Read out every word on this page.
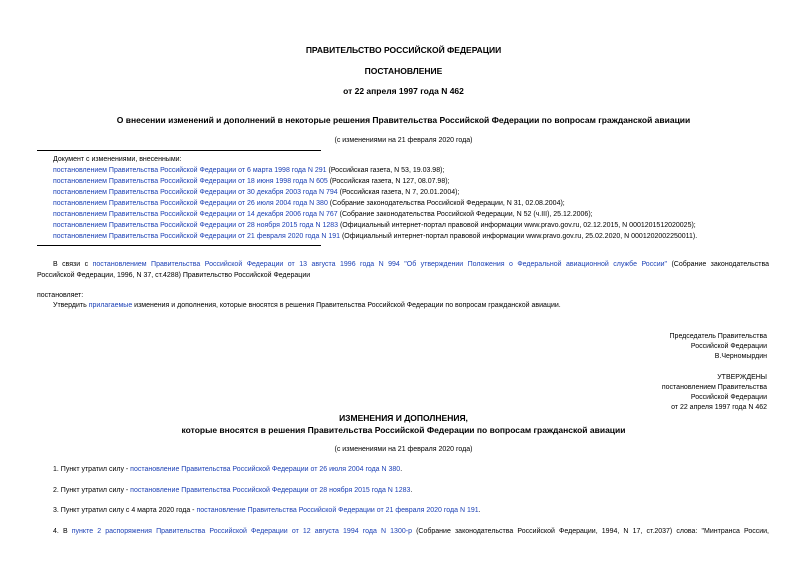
ПРАВИТЕЛЬСТВО РОССИЙСКОЙ ФЕДЕРАЦИИ
ПОСТАНОВЛЕНИЕ
от 22 апреля 1997 года N 462
О внесении изменений и дополнений в некоторые решения Правительства Российской Федерации по вопросам гражданской авиации
(с изменениями на 21 февраля 2020 года)
Документ с изменениями, внесенными:
постановлением Правительства Российской Федерации от 6 марта 1998 года N 291 (Российская газета, N 53, 19.03.98);
постановлением Правительства Российской Федерации от 18 июня 1998 года N 605 (Российская газета, N 127, 08.07.98);
постановлением Правительства Российской Федерации от 30 декабря 2003 года N 794 (Российская газета, N 7, 20.01.2004);
постановлением Правительства Российской Федерации от 26 июля 2004 года N 380 (Собрание законодательства Российской Федерации, N 31, 02.08.2004);
постановлением Правительства Российской Федерации от 14 декабря 2006 года N 767 (Собрание законодательства Российской Федерации, N 52 (ч.III), 25.12.2006);
постановлением Правительства Российской Федерации от 28 ноября 2015 года N 1283 (Официальный интернет-портал правовой информации www.pravo.gov.ru, 02.12.2015, N 0001201512020025);
постановлением Правительства Российской Федерации от 21 февраля 2020 года N 191 (Официальный интернет-портал правовой информации www.pravo.gov.ru, 25.02.2020, N 0001202002250011).
В связи с постановлением Правительства Российской Федерации от 13 августа 1996 года N 994 "Об утверждении Положения о Федеральной авиационной службе России" (Собрание законодательства
Российской Федерации, 1996, N 37, ст.4288) Правительство Российской Федерации
постановляет:
Утвердить прилагаемые изменения и дополнения, которые вносятся в решения Правительства Российской Федерации по вопросам гражданской авиации.
Председатель Правительства
Российской Федерации
В.Черномырдин
УТВЕРЖДЕНЫ
постановлением Правительства
Российской Федерации
от 22 апреля 1997 года N 462
ИЗМЕНЕНИЯ И ДОПОЛНЕНИЯ,
которые вносятся в решения Правительства Российской Федерации по вопросам гражданской авиации
(с изменениями на 21 февраля 2020 года)
1. Пункт утратил силу - постановление Правительства Российской Федерации от 26 июля 2004 года N 380.
2. Пункт утратил силу - постановление Правительства Российской Федерации от 28 ноября 2015 года N 1283.
3. Пункт утратил силу с 4 марта 2020 года - постановление Правительства Российской Федерации от 21 февраля 2020 года N 191.
4. В пункте 2 распоряжения Правительства Российской Федерации от 12 августа 1994 года N 1300-р (Собрание законодательства Российской Федерации, 1994, N 17, ст.2037) слова: "Минтранса России,
